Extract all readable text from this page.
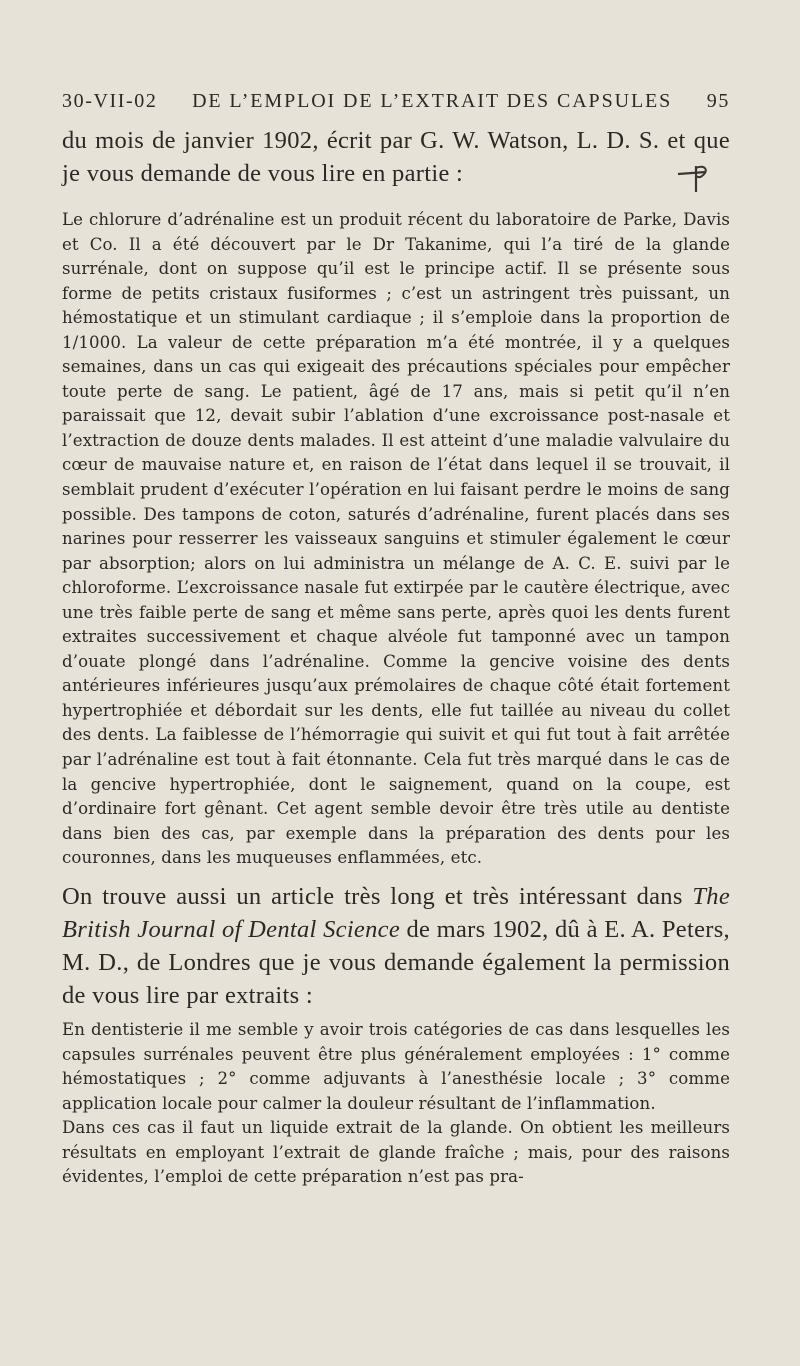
30-VII-02 DE L’EMPLOI DE L’EXTRAIT DES CAPSULES 95
du mois de janvier 1902, écrit par G. W. Watson, L. D. S. et que je vous demande de vous lire en partie :

Le chlorure d’adrénaline est un produit récent du laboratoire de Parke, Davis et Co. Il a été découvert par le Dr Takanime, qui l’a tiré de la glande surrénale, dont on suppose qu’il est le principe actif. Il se présente sous forme de petits cristaux fusiformes ; c’est un astringent très puissant, un hémostatique et un stimulant cardiaque ; il s’emploie dans la proportion de 1/1000. La valeur de cette préparation m’a été montrée, il y a quelques semaines, dans un cas qui exigeait des précautions spéciales pour empêcher toute perte de sang. Le patient, âgé de 17 ans, mais si petit qu’il n’en paraissait que 12, devait subir l’ablation d’une excroissance post-nasale et l’extraction de douze dents malades. Il est atteint d’une maladie valvulaire du cœur de mauvaise nature et, en raison de l’état dans lequel il se trouvait, il semblait prudent d’exécuter l’opération en lui faisant perdre le moins de sang possible. Des tampons de coton, saturés d’adrénaline, furent placés dans ses narines pour resserrer les vaisseaux sanguins et stimuler également le cœur par absorption; alors on lui administra un mélange de A. C. E. suivi par le chloroforme. L’excroissance nasale fut extirpée par le cautère électrique, avec une très faible perte de sang et même sans perte, après quoi les dents furent extraites successivement et chaque alvéole fut tamponné avec un tampon d’ouate plongé dans l’adrénaline. Comme la gencive voisine des dents antérieures inférieures jusqu’aux prémolaires de chaque côté était fortement hypertrophiée et débordait sur les dents, elle fut taillée au niveau du collet des dents. La faiblesse de l’hémorragie qui suivit et qui fut tout à fait arrêtée par l’adrénaline est tout à fait étonnante. Cela fut très marqué dans le cas de la gencive hypertrophiée, dont le saignement, quand on la coupe, est d’ordinaire fort gênant. Cet agent semble devoir être très utile au dentiste dans bien des cas, par exemple dans la préparation des dents pour les couronnes, dans les muqueuses enflammées, etc.

On trouve aussi un article très long et très intéressant dans The British Journal of Dental Science de mars 1902, dû à E. A. Peters, M. D., de Londres que je vous demande également la permission de vous lire par extraits :

En dentisterie il me semble y avoir trois catégories de cas dans lesquelles les capsules surrénales peuvent être plus généralement employées : 1° comme hémostatiques ; 2° comme adjuvants à l’anesthésie locale ; 3° comme application locale pour calmer la douleur résultant de l’inflammation.

Dans ces cas il faut un liquide extrait de la glande. On obtient les meilleurs résultats en employant l’extrait de glande fraîche ; mais, pour des raisons évidentes, l’emploi de cette préparation n’est pas pra-
